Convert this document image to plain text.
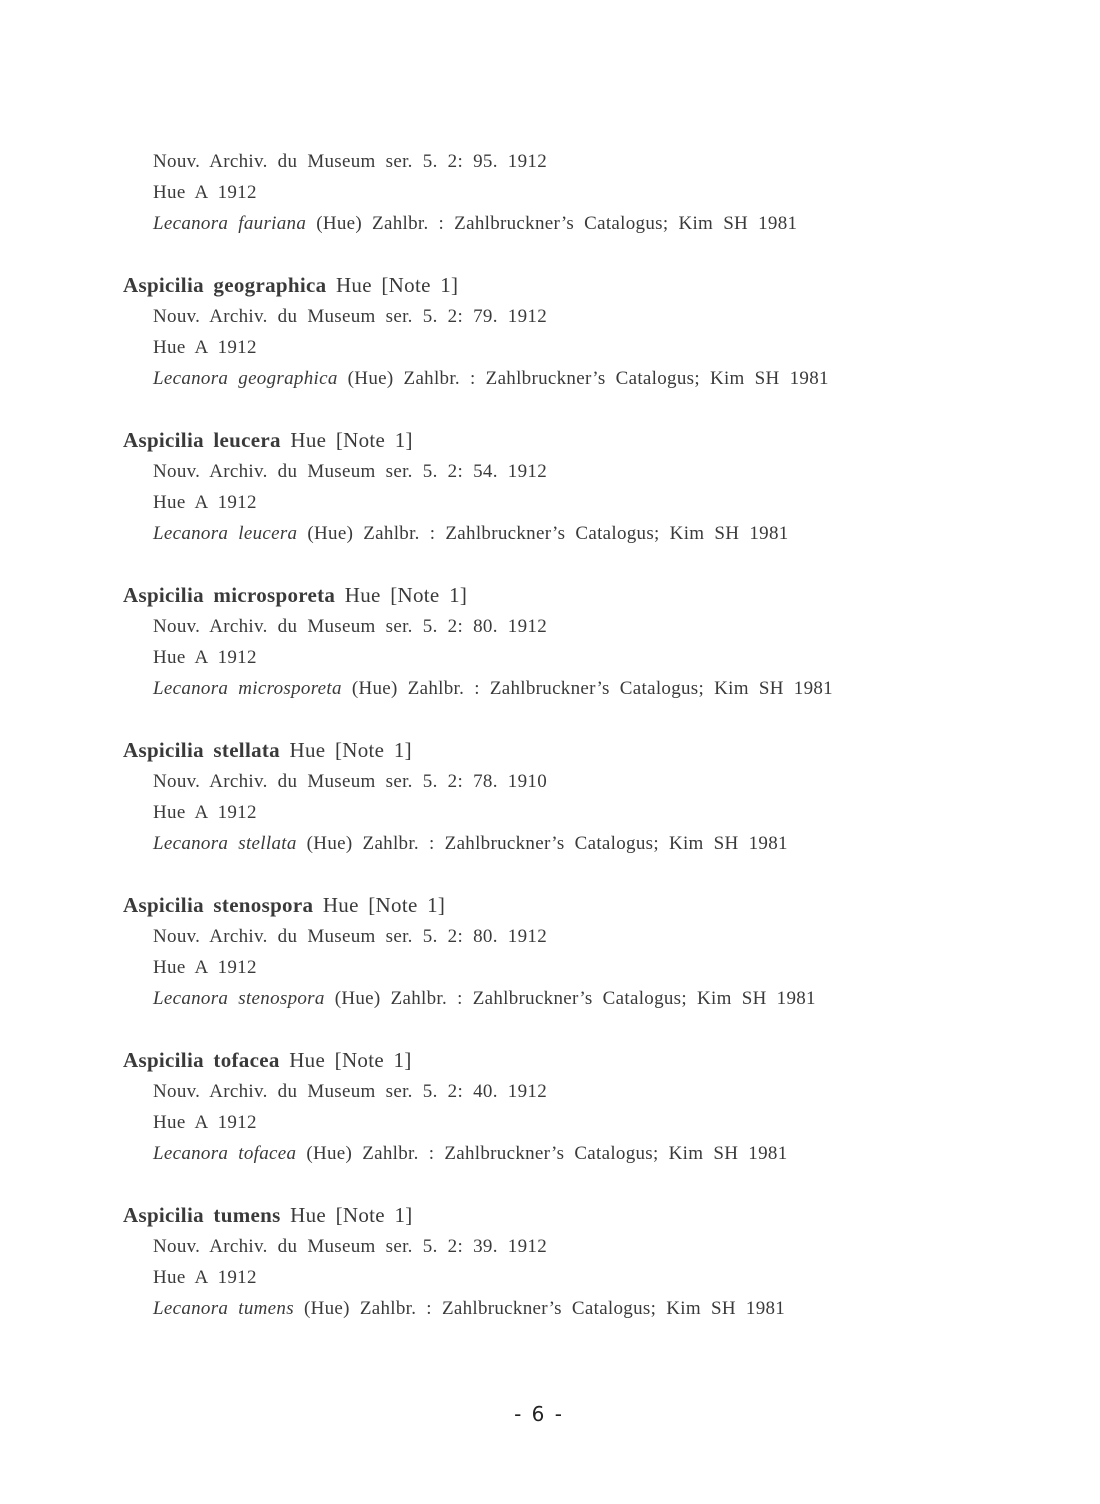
Nouv. Archiv. du Museum ser. 5. 2: 95. 1912
Hue A 1912
Lecanora fauriana (Hue) Zahlbr. : Zahlbruckner’s Catalogus; Kim SH 1981
Aspicilia geographica Hue [Note 1]
Nouv. Archiv. du Museum ser. 5. 2: 79. 1912
Hue A 1912
Lecanora geographica (Hue) Zahlbr. : Zahlbruckner’s Catalogus; Kim SH 1981
Aspicilia leucera Hue [Note 1]
Nouv. Archiv. du Museum ser. 5. 2: 54. 1912
Hue A 1912
Lecanora leucera (Hue) Zahlbr. : Zahlbruckner’s Catalogus; Kim SH 1981
Aspicilia microsporeta Hue [Note 1]
Nouv. Archiv. du Museum ser. 5. 2: 80. 1912
Hue A 1912
Lecanora microsporeta (Hue) Zahlbr. : Zahlbruckner’s Catalogus; Kim SH 1981
Aspicilia stellata Hue [Note 1]
Nouv. Archiv. du Museum ser. 5. 2: 78. 1910
Hue A 1912
Lecanora stellata (Hue) Zahlbr. : Zahlbruckner’s Catalogus; Kim SH 1981
Aspicilia stenospora Hue [Note 1]
Nouv. Archiv. du Museum ser. 5. 2: 80. 1912
Hue A 1912
Lecanora stenospora (Hue) Zahlbr. : Zahlbruckner’s Catalogus; Kim SH 1981
Aspicilia tofacea Hue [Note 1]
Nouv. Archiv. du Museum ser. 5. 2: 40. 1912
Hue A 1912
Lecanora tofacea (Hue) Zahlbr. : Zahlbruckner’s Catalogus; Kim SH 1981
Aspicilia tumens Hue [Note 1]
Nouv. Archiv. du Museum ser. 5. 2: 39. 1912
Hue A 1912
Lecanora tumens (Hue) Zahlbr. : Zahlbruckner’s Catalogus; Kim SH 1981
- 6 -
